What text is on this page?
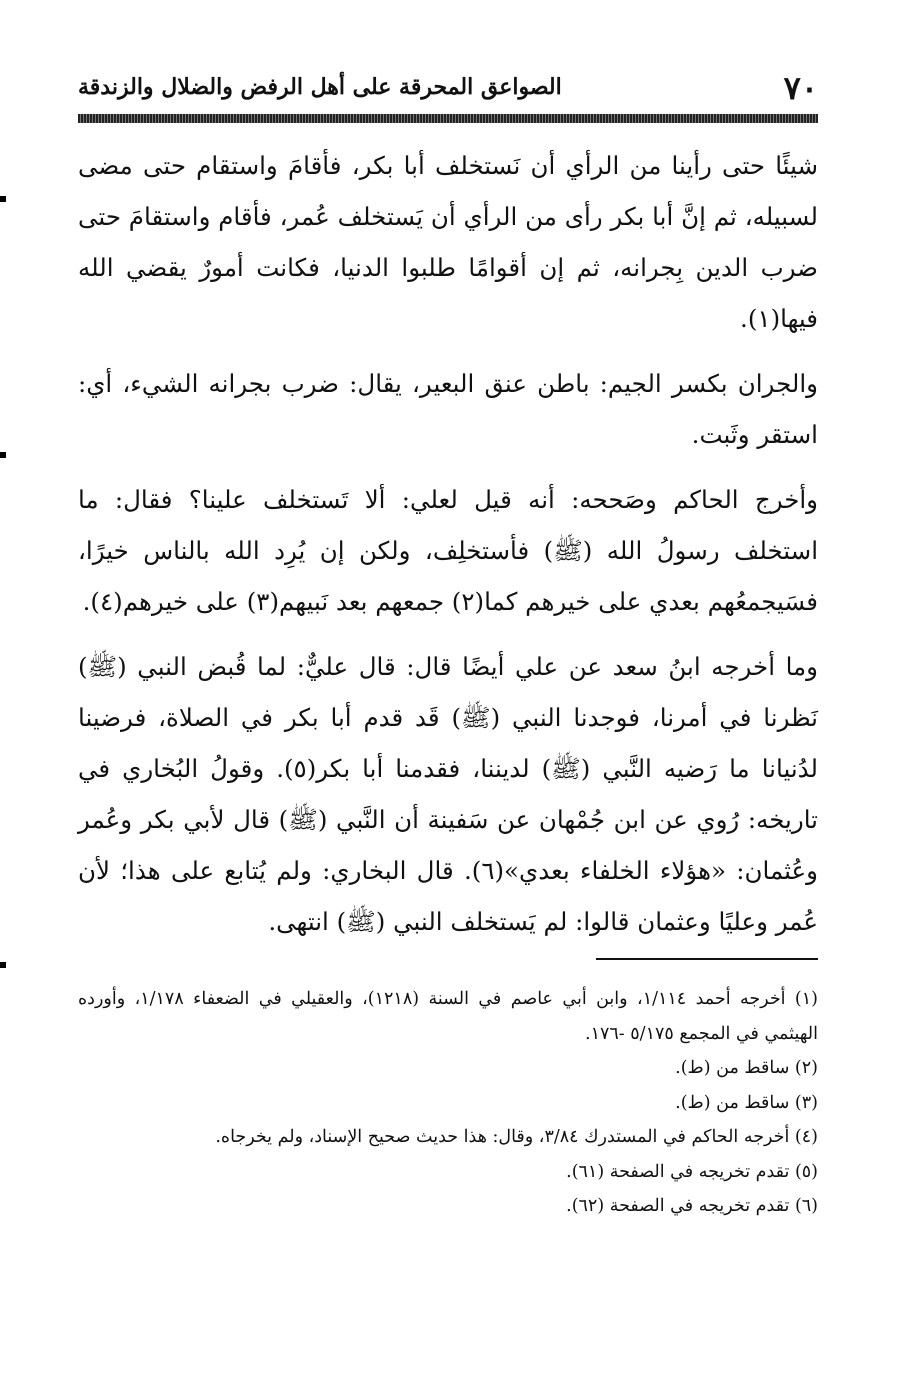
٧٠
الصواعق المحرقة على أهل الرفض والضلال والزندقة

شيئًا حتى رأينا من الرأي أن نَستخلف أبا بكر، فأقامَ واستقام حتى مضى لسبيله، ثم إنَّ أبا بكر رأى من الرأي أن يَستخلف عُمر، فأقام واستقامَ حتى ضرب الدين بِجرانه، ثم إن أقوامًا طلبوا الدنيا، فكانت أمورٌ يقضي الله فيها(١).

والجران بكسر الجيم: باطن عنق البعير، يقال: ضرب بجرانه الشيء، أي: استقر وثَبت.

وأخرج الحاكم وصَححه: أنه قيل لعلي: ألا تَستخلف علينا؟ فقال: ما استخلف رسولُ الله (ﷺ) فأستخلِف، ولكن إن يُرِد الله بالناس خيرًا، فسَيجمعُهم بعدي على خيرهم كما(٢) جمعهم بعد نَبيهم(٣) على خيرهم(٤).

وما أخرجه ابنُ سعد عن علي أيضًا قال: قال عليٌّ: لما قُبض النبي (ﷺ) نَظرنا في أمرنا، فوجدنا النبي (ﷺ) قَد قدم أبا بكر في الصلاة، فرضينا لدُنيانا ما رَضيه النَّبي (ﷺ) لديننا، فقدمنا أبا بكر(٥). وقولُ البُخاري في تاريخه: رُوي عن ابن جُمْهان عن سَفينة أن النَّبي (ﷺ) قال لأبي بكر وعُمر وعُثمان: «هؤلاء الخلفاء بعدي»(٦). قال البخاري: ولم يُتابع على هذا؛ لأن عُمر وعليًا وعثمان قالوا: لم يَستخلف النبي (ﷺ) انتهى.

(١) أخرجه أحمد ١/١١٤، وابن أبي عاصم في السنة (١٢١٨)، والعقيلي في الضعفاء ١/١٧٨، وأورده الهيثمي في المجمع ٥/١٧٥ -١٧٦.

(٢) ساقط من (ط).

(٣) ساقط من (ط).

(٤) أخرجه الحاكم في المستدرك ٣/٨٤، وقال: هذا حديث صحيح الإسناد، ولم يخرجاه.

(٥) تقدم تخريجه في الصفحة (٦١).

(٦) تقدم تخريجه في الصفحة (٦٢).
